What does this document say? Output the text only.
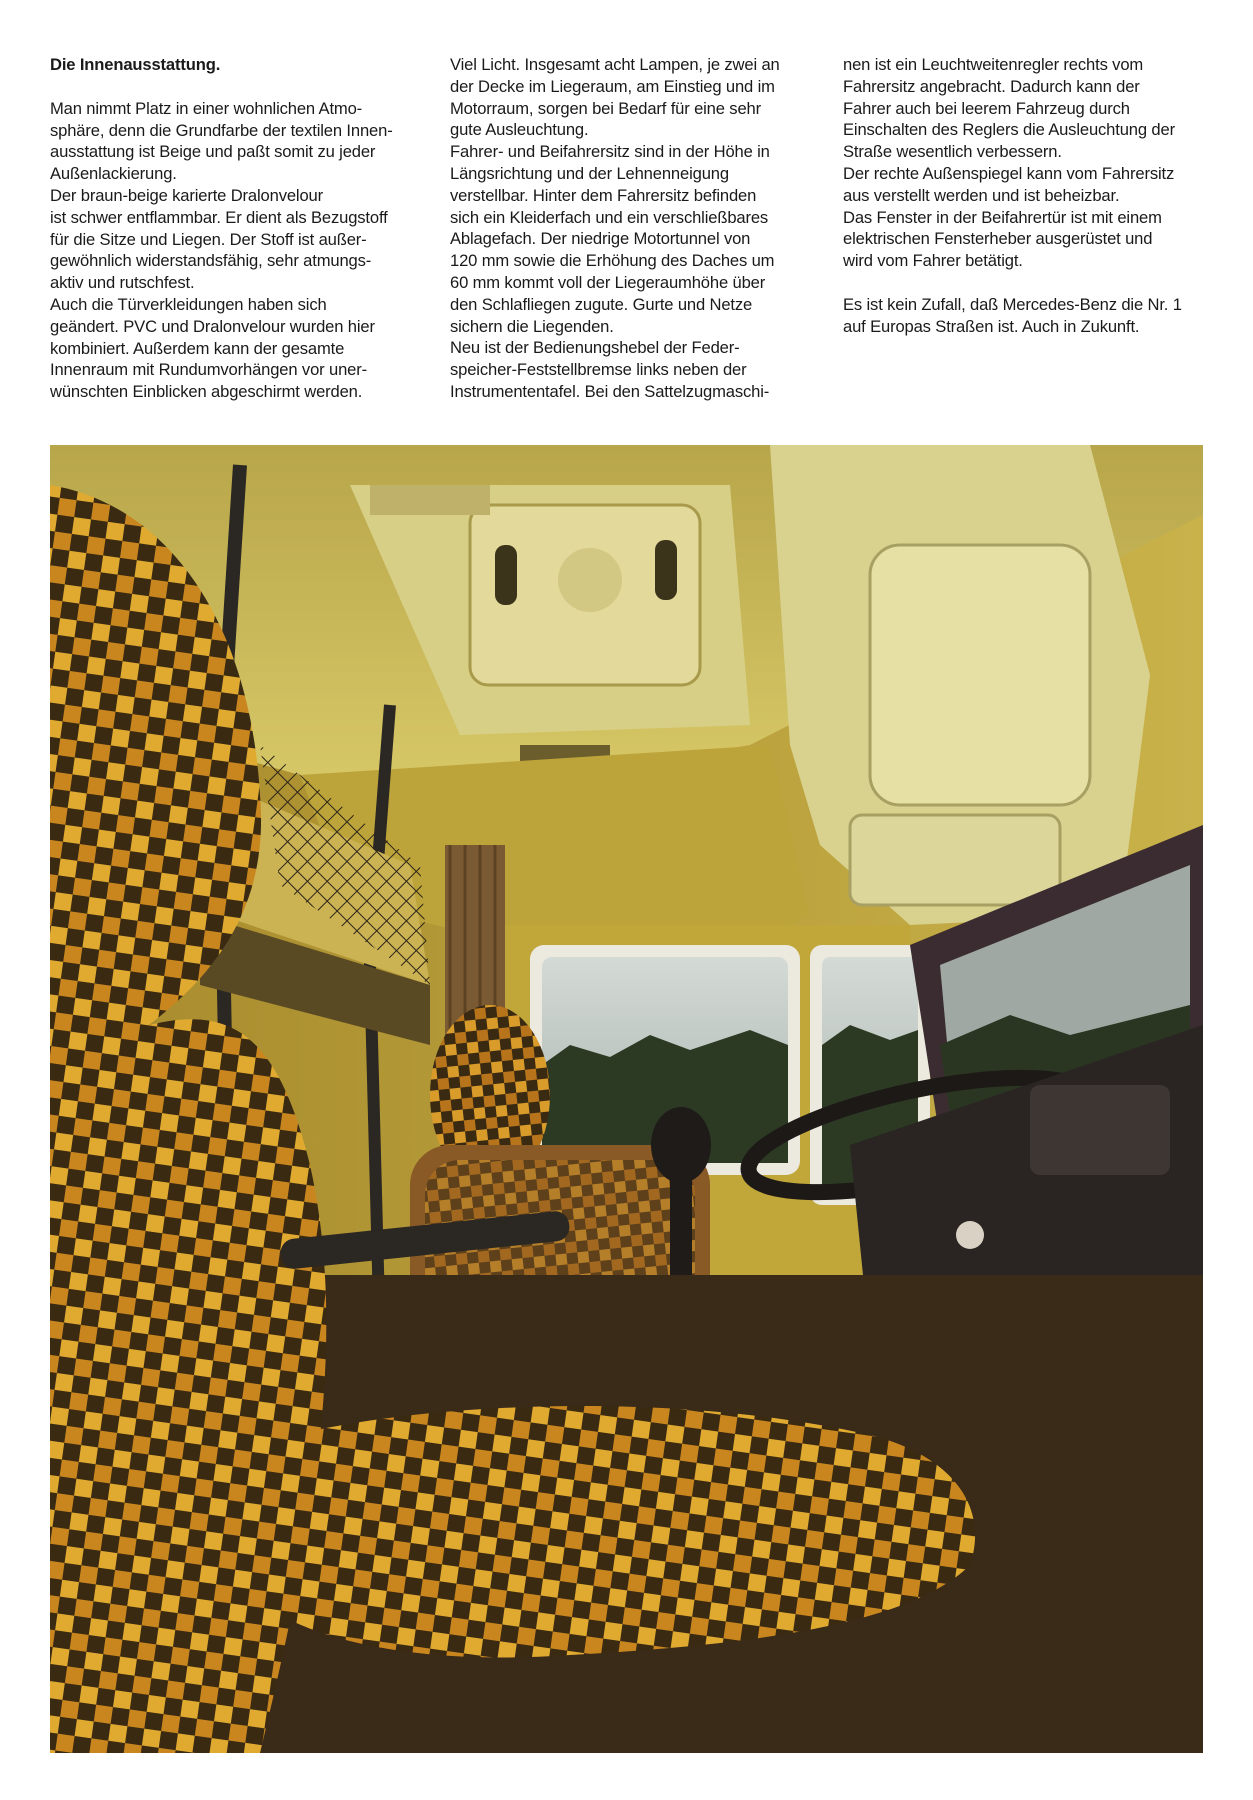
Die Innenausstattung.

Man nimmt Platz in einer wohnlichen Atmo-
sphäre, denn die Grundfarbe der textilen Innen-
ausstattung ist Beige und paßt somit zu jeder
Außenlackierung.
Der braun-beige karierte Dralonvelour
ist schwer entflammbar. Er dient als Bezugstoff
für die Sitze und Liegen. Der Stoff ist außer-
gewöhnlich widerstandsfähig, sehr atmungs-
aktiv und rutschfest.
Auch die Türverkleidungen haben sich
geändert. PVC und Dralonvelour wurden hier
kombiniert. Außerdem kann der gesamte
Innenraum mit Rundumvorhängen vor uner-
wünschten Einblicken abgeschirmt werden.

Viel Licht. Insgesamt acht Lampen, je zwei an
der Decke im Liegeraum, am Einstieg und im
Motorraum, sorgen bei Bedarf für eine sehr
gute Ausleuchtung.
Fahrer- und Beifahrersitz sind in der Höhe in
Längsrichtung und der Lehnenneigung
verstellbar. Hinter dem Fahrersitz befinden
sich ein Kleiderfach und ein verschließbares
Ablagefach. Der niedrige Motortunnel von
120 mm sowie die Erhöhung des Daches um
60 mm kommt voll der Liegeraumhöhe über
den Schlafliegen zugute. Gurte und Netze
sichern die Liegenden.
Neu ist der Bedienungshebel der Feder-
speicher-Feststellbremse links neben der
Instrumententafel. Bei den Sattelzugmaschi-

nen ist ein Leuchtweitenregler rechts vom
Fahrersitz angebracht. Dadurch kann der
Fahrer auch bei leerem Fahrzeug durch
Einschalten des Reglers die Ausleuchtung der
Straße wesentlich verbessern.
Der rechte Außenspiegel kann vom Fahrersitz
aus verstellt werden und ist beheizbar.
Das Fenster in der Beifahrertür ist mit einem
elektrischen Fensterheber ausgerüstet und
wird vom Fahrer betätigt.

Es ist kein Zufall, daß Mercedes-Benz die Nr. 1
auf Europas Straßen ist. Auch in Zukunft.
